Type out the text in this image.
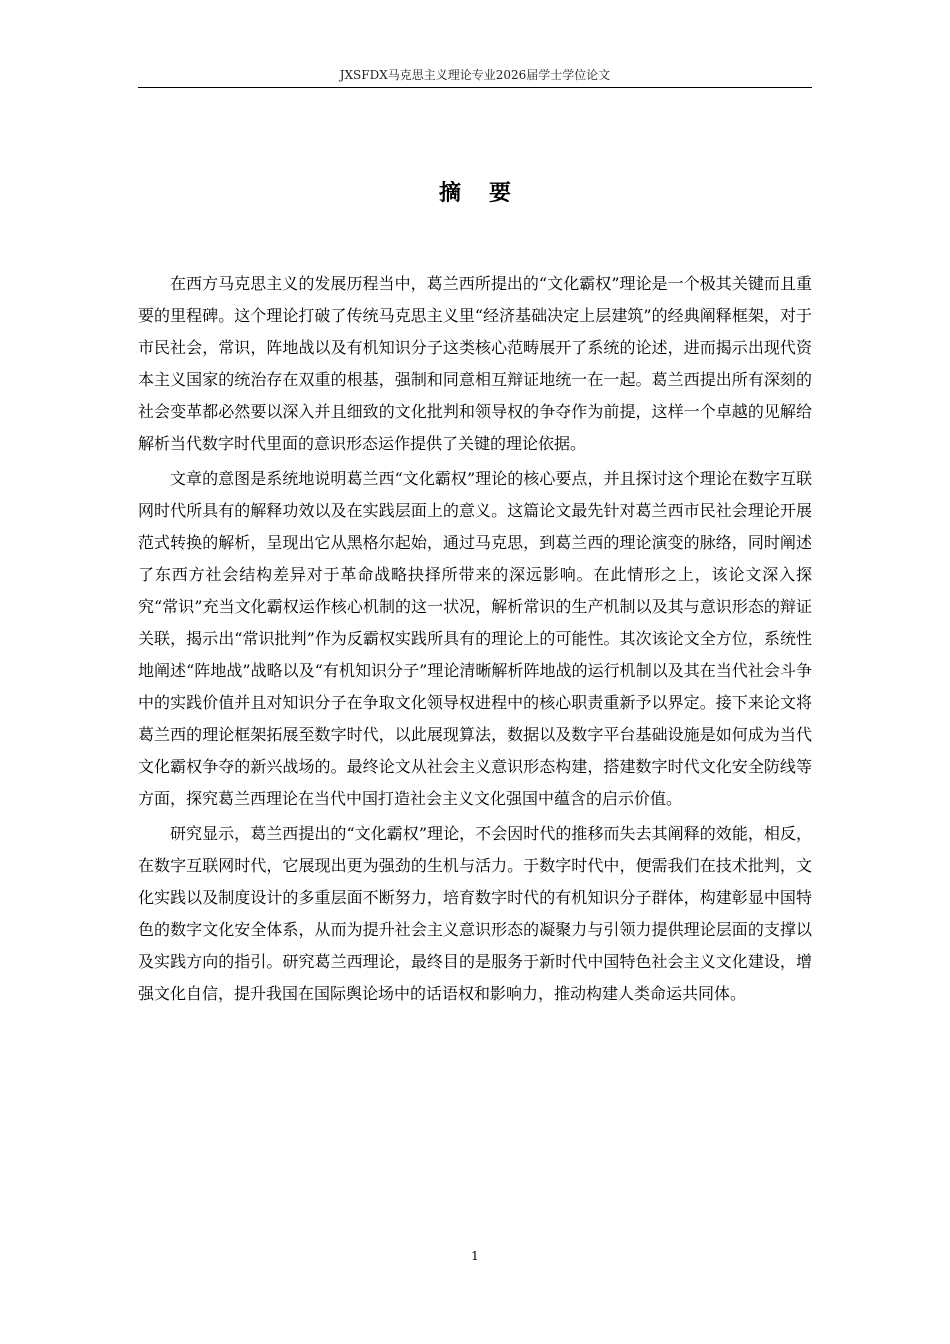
JXSFDX马克思主义理论专业2026届学士学位论文
摘要

在西方马克思主义的发展历程当中，葛兰西所提出的“文化霸权”理论是一个极其关键而且重要的里程碑。这个理论打破了传统马克思主义里“经济基础决定上层建筑”的经典阐释框架，对于市民社会，常识，阵地战以及有机知识分子这类核心范畴展开了系统的论述，进而揭示出现代资本主义国家的统治存在双重的根基，强制和同意相互辩证地统一在一起。葛兰西提出所有深刻的社会变革都必然要以深入并且细致的文化批判和领导权的争夺作为前提，这样一个卓越的见解给解析当代数字时代里面的意识形态运作提供了关键的理论依据。

文章的意图是系统地说明葛兰西“文化霸权”理论的核心要点，并且探讨这个理论在数字互联网时代所具有的解释功效以及在实践层面上的意义。这篇论文最先针对葛兰西市民社会理论开展范式转换的解析，呈现出它从黑格尔起始，通过马克思，到葛兰西的理论演变的脉络，同时阐述了东西方社会结构差异对于革命战略抉择所带来的深远影响。在此情形之上，该论文深入探究“常识”充当文化霸权运作核心机制的这一状况，解析常识的生产机制以及其与意识形态的辩证关联，揭示出“常识批判”作为反霸权实践所具有的理论上的可能性。其次该论文全方位，系统性地阐述“阵地战”战略以及“有机知识分子”理论清晰解析阵地战的运行机制以及其在当代社会斗争中的实践价值并且对知识分子在争取文化领导权进程中的核心职责重新予以界定。接下来论文将葛兰西的理论框架拓展至数字时代，以此展现算法，数据以及数字平台基础设施是如何成为当代文化霸权争夺的新兴战场的。最终论文从社会主义意识形态构建，搭建数字时代文化安全防线等方面，探究葛兰西理论在当代中国打造社会主义文化强国中蕴含的启示价值。

研究显示，葛兰西提出的“文化霸权”理论，不会因时代的推移而失去其阐释的效能，相反，在数字互联网时代，它展现出更为强劲的生机与活力。于数字时代中，便需我们在技术批判，文化实践以及制度设计的多重层面不断努力，培育数字时代的有机知识分子群体，构建彰显中国特色的数字文化安全体系，从而为提升社会主义意识形态的凝聚力与引领力提供理论层面的支撑以及实践方向的指引。研究葛兰西理论，最终目的是服务于新时代中国特色社会主义文化建设，增强文化自信，提升我国在国际舆论场中的话语权和影响力，推动构建人类命运共同体。

1
